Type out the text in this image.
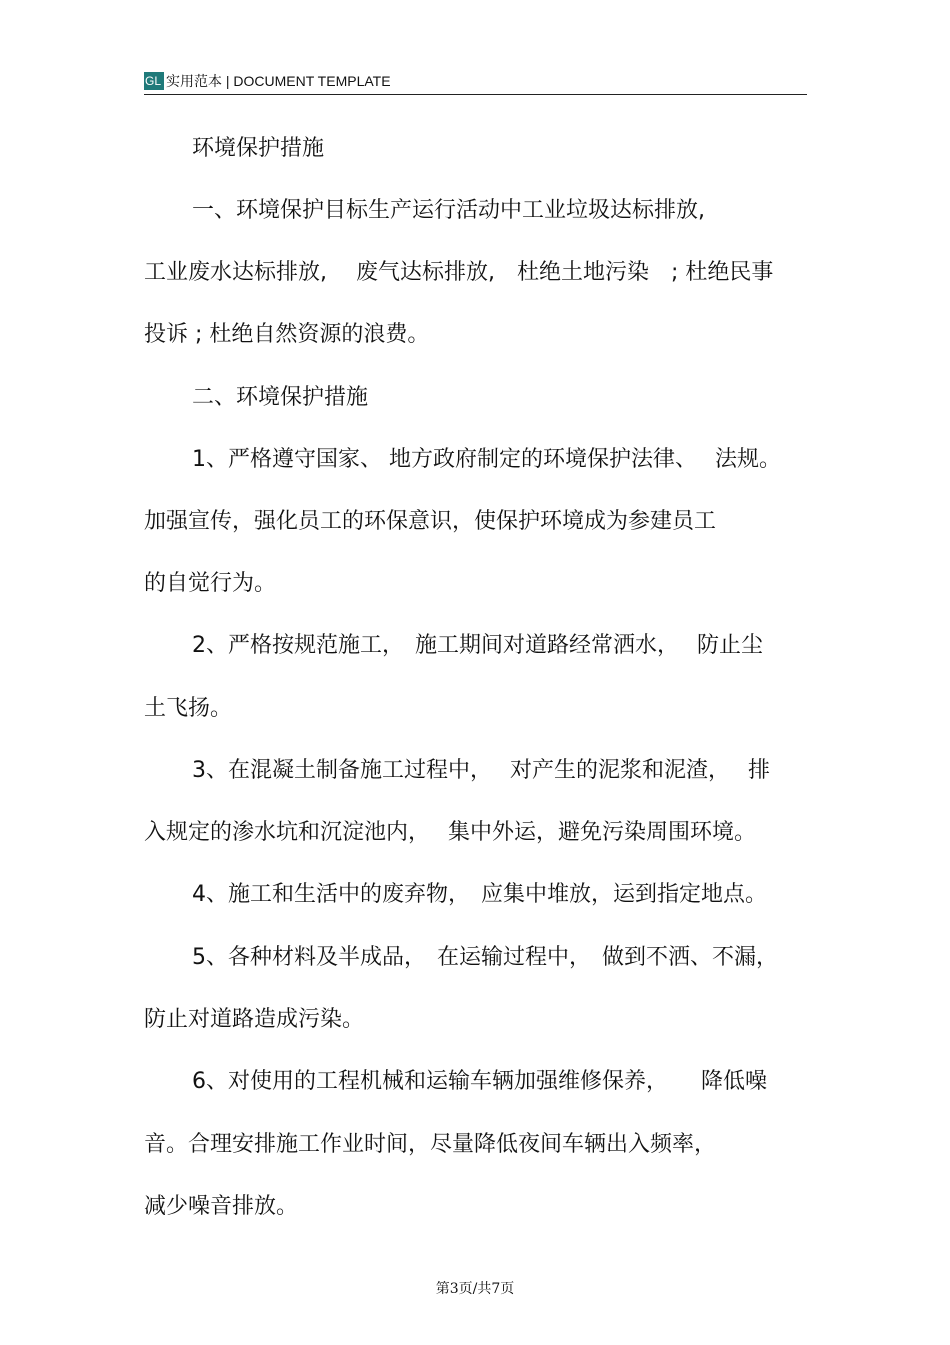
GL 实用范本 | DOCUMENT TEMPLATE
环境保护措施
一、环境保护目标生产运行活动中工业垃圾达标排放,
工业废水达标排放,　 废气达标排放,　杜绝土地污染　; 杜绝民事
投诉 ; 杜绝自然资源的浪费。
二、环境保护措施
1、严格遵守国家、 地方政府制定的环境保护法律、　 法规。
加强宣传，强化员工的环保意识，使保护环境成为参建员工
的自觉行为。
2、严格按规范施工，　施工期间对道路经常洒水，　 防止尘
土飞扬。
3、在混凝土制备施工过程中，　 对产生的泥浆和泥渣，　 排
入规定的渗水坑和沉淀池内，　 集中外运，避免污染周围环境。
4、施工和生活中的废弃物，　应集中堆放，运到指定地点。
5、各种材料及半成品，　在运输过程中，　做到不洒、不漏，
防止对道路造成污染。
6、对使用的工程机械和运输车辆加强维修保养，　　降低噪
音。合理安排施工作业时间，尽量降低夜间车辆出入频率，
减少噪音排放。
第3页/共7页
